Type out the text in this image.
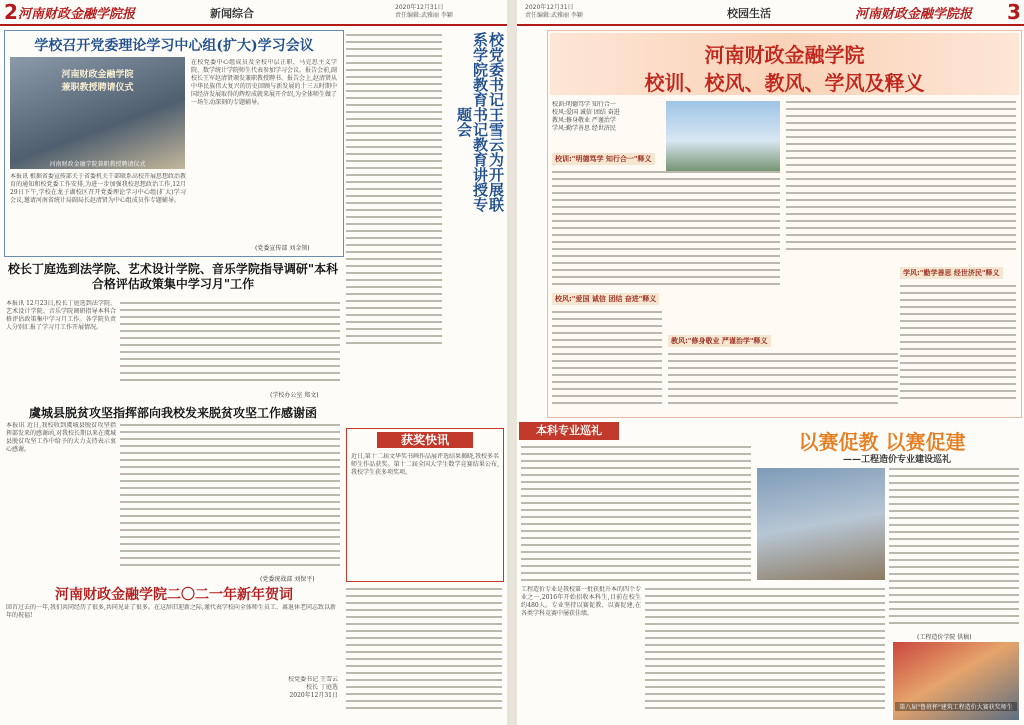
2 河南财政金融学院报	新闻综合	2020年12月31日
责任编辑:武雅丽 李颖
学校召开党委理论学习中心组(扩大)学习会议
河南财政金融学院
兼职教授聘请仪式
河南财政金融学院兼职教授聘请仪式
在校党委中心组成员及全校中层正职、马克思主义学院、数学统计学院师生代表参加学习会议。报告会前,副校长王军赵清贤颁发兼职教授聘书。报告会上,赵清贤从中华民族伟大复兴的历史回顾与新发展的十三五时期中国经济发展取得的辉煌成就来展开介绍,为全体师生做了一场生动深刻的专题辅导。
本报讯 根据省委宣传部关于省委机关干部联系高校开展思想政治教育的通知和校党委工作安排,为进一步加强我校思想政治工作,12月29日下午,学校在龙子湖校区召开党委理论学习中心组(扩大)学习会议,邀请河南省统计局副局长赵清贤为中心组成员作专题辅导。
(党委宣传部 刘金领)
校党委书记王雪云为开展联系学院教育书记教育讲授专题会
校长丁庭选到法学院、艺术设计学院、音乐学院指导调研"本科合格评估政策集中学习月"工作
本报讯 12月23日,校长丁庭选到法学院、艺术设计学院、音乐学院调研指导本科合格评估政策集中学习月工作。各学院负责人分别汇报了学习月工作开展情况。
(学校办公室 郑文)
虞城县脱贫攻坚指挥部向我校发来脱贫攻坚工作感谢函
本报讯 近日,我校收到虞城县脱贫攻坚指挥部发来的感谢函,对我校长期以来在虞城县脱贫攻坚工作中给予的大力支持表示衷心感谢。
(党委统战部 刘保平)
获奖快讯
近日,第十二届文华奖书画作品展评选结果揭晓,我校多名师生作品获奖。第十二届全国大学生数学竞赛结果公布,我校学生获多项奖项。
河南财政金融学院二〇二一年新年贺词
回首过去的一年,我们共同经历了很多,共同见证了很多。在这辞旧迎新之际,谨代表学校向全体师生员工、离退休老同志致以新年的祝福!
校党委书记 王雪云
校长 丁庭选
2020年12月31日
2020年12月31日
责任编辑:武雅丽 李颖	校园生活	河南财政金融学院报 3
河南财政金融学院
校训、校风、教风、学风及释义
校训:明德笃学 知行合一
校风:爱国 诚信 团结 奋进
教风:修身敬业 严谨治学
学风:勤学善思 经世济民
校训:"明德笃学 知行合一"释义
校风:"爱国 诚信 团结 奋进"释义
教风:"修身敬业 严谨治学"释义
学风:"勤学善思 经世济民"释义
本科专业巡礼	以赛促教 以赛促建
——工程造价专业建设巡礼
工程造价专业是我校第一批获批升本的四个专业之一,2016年开始招收本科生,目前在校生约480人。专业坚持以赛促教、以赛促建,在各类学科竞赛中屡获佳绩。
(工程造价学院 供稿)
第八届"鲁班杯"建筑工程造价大赛获奖师生
